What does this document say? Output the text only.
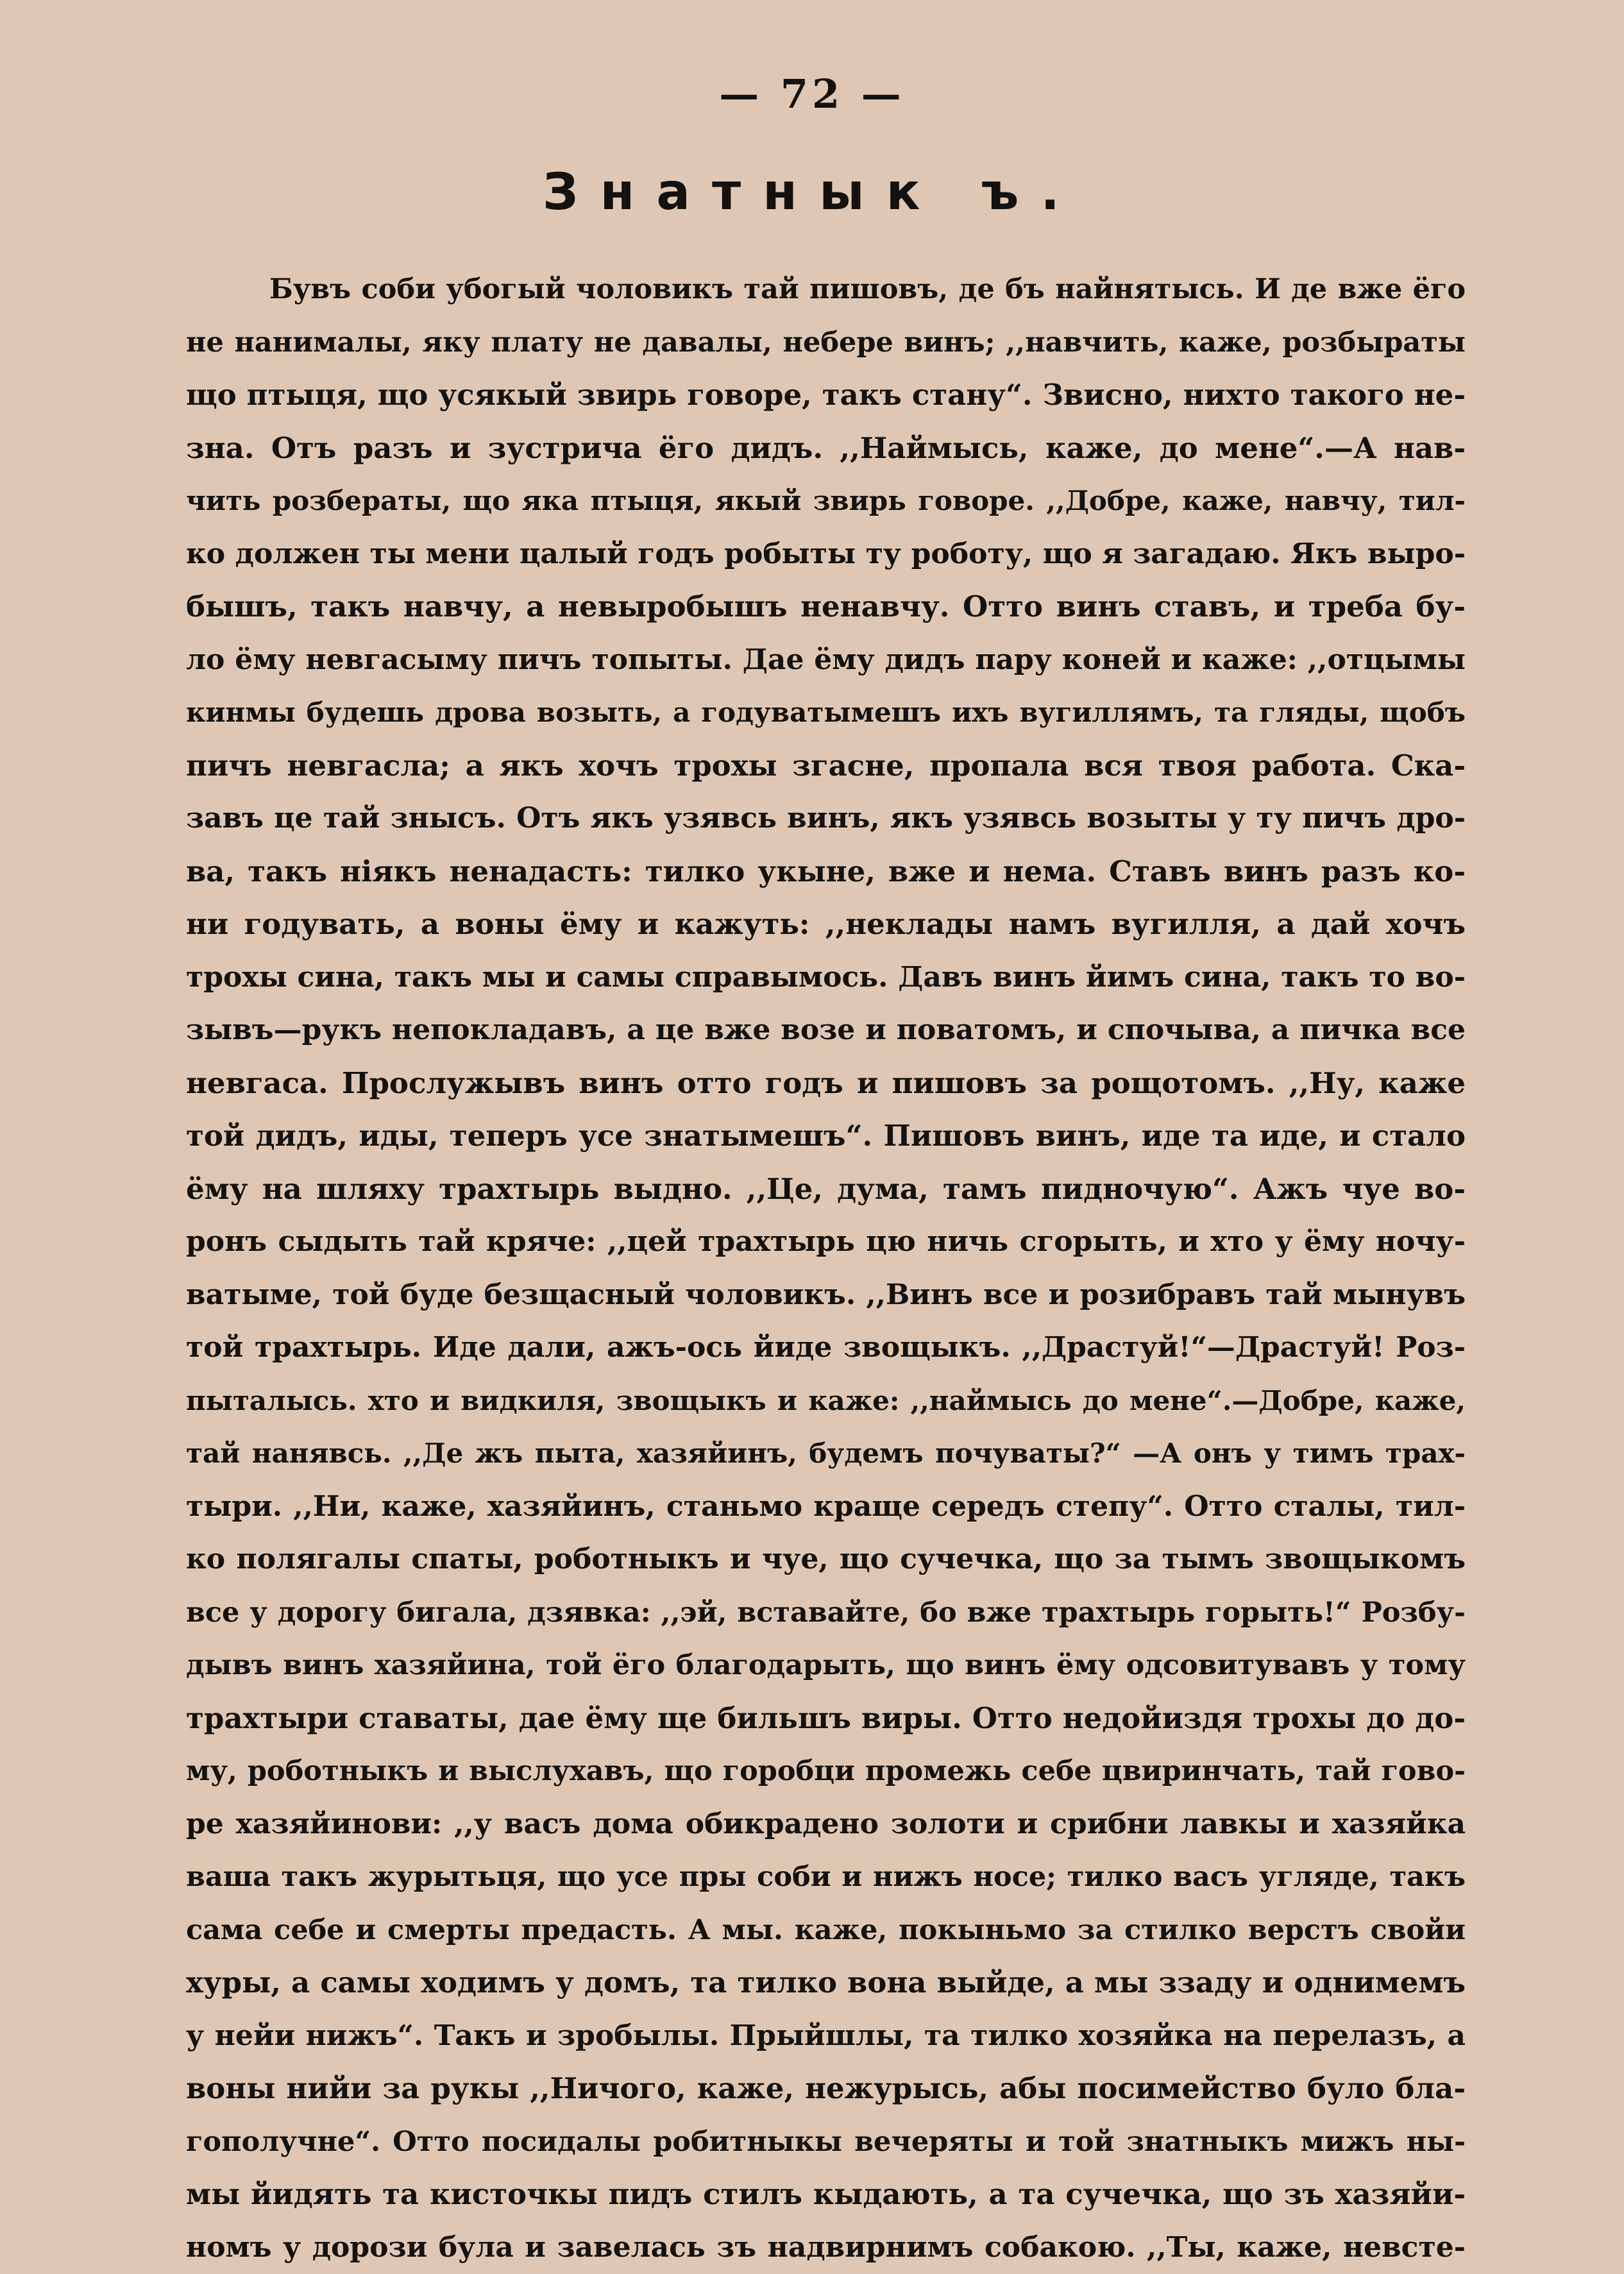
— 72 —
Знатнык ъ.
Бувъ соби убогый чоловикъ тай пишовъ, де бъ найнятысь. И де вже ёго
не нанималы, яку плату не давалы, небере винъ; ,,навчить, каже, розбыраты
що птыця, що усякый звирь говоре, такъ стану“. Звисно, нихто такого не-
зна. Отъ разъ и зустрича ёго дидъ. ,,Наймысь, каже, до мене“.—А нав-
чить розбераты, що яка птыця, якый звирь говоре. ,,Добре, каже, навчу, тил-
ко должен ты мени цалый годъ робыты ту роботу, що я загадаю. Якъ выро-
бышъ, такъ навчу, а невыробышъ ненавчу. Отто винъ ставъ, и треба бу-
ло ёму невгасыму пичъ топыты. Дае ёму дидъ пару коней и каже: ,,отцымы
кинмы будешь дрова возыть, а годуватымешъ ихъ вугиллямъ, та гляды, щобъ
пичъ невгасла; а якъ хочъ трохы згасне, пропала вся твоя работа. Ска-
завъ це тай знысъ. Отъ якъ узявсь винъ, якъ узявсь возыты у ту пичъ дро-
ва, такъ ніякъ ненадасть: тилко укыне, вже и нема. Ставъ винъ разъ ко-
ни годувать, а воны ёму и кажуть: ,,неклады намъ вугилля, а дай хочъ
трохы сина, такъ мы и самы справымось. Давъ винъ йимъ сина, такъ то во-
зывъ—рукъ непокладавъ, а це вже возе и поватомъ, и спочыва, а пичка все
невгаса. Прослужывъ винъ отто годъ и пишовъ за рощотомъ. ,,Ну, каже
той дидъ, иды, теперъ усе знатымешъ“. Пишовъ винъ, иде та иде, и стало
ёму на шляху трахтырь выдно. ,,Це, дума, тамъ пидночую“. Ажъ чуе во-
ронъ сыдыть тай кряче: ,,цей трахтырь цю ничь сгорыть, и хто у ёму ночу-
ватыме, той буде безщасный чоловикъ. ,,Винъ все и розибравъ тай мынувъ
той трахтырь. Иде дали, ажъ-ось йиде звощыкъ. ,,Драстуй!“—Драстуй! Роз-
пыталысь. хто и видкиля, звощыкъ и каже: ,,наймысь до мене“.—Добре, каже,
тай нанявсь. ,,Де жъ пыта, хазяйинъ, будемъ почуваты?“ —А онъ у тимъ трах-
тыри. ,,Ни, каже, хазяйинъ, станьмо краще середъ степу“. Отто сталы, тил-
ко полягалы спаты, роботныкъ и чуе, що сучечка, що за тымъ звощыкомъ
все у дорогу бигала, дзявка: ,,эй, вставайте, бо вже трахтырь горыть!“ Розбу-
дывъ винъ хазяйина, той ёго благодарыть, що винъ ёму одсовитувавъ у тому
трахтыри ставаты, дае ёму ще бильшъ виры. Отто недойиздя трохы до до-
му, роботныкъ и выслухавъ, що горобци промежь себе цвиринчать, тай гово-
ре хазяйинови: ,,у васъ дома обикрадено золоти и срибни лавкы и хазяйка
ваша такъ журытьця, що усе пры соби и нижъ носе; тилко васъ угляде, такъ
сама себе и смерты предасть. А мы. каже, покыньмо за стилко верстъ свойи
хуры, а самы ходимъ у домъ, та тилко вона выйде, а мы ззаду и однимемъ
у нейи нижъ“. Такъ и зробылы. Прыйшлы, та тилко хозяйка на перелазъ, а
воны нийи за рукы ,,Ничого, каже, нежурысь, абы посимейство було бла-
гополучне“. Отто посидалы робитныкы вечеряты и той знатныкъ мижъ ны-
мы йидять та кисточкы пидъ стилъ кыдають, а та сучечка, що зъ хазяйи-
номъ у дорози була и завелась зъ надвирнимъ собакою. ,,Ты, каже, невсте-
